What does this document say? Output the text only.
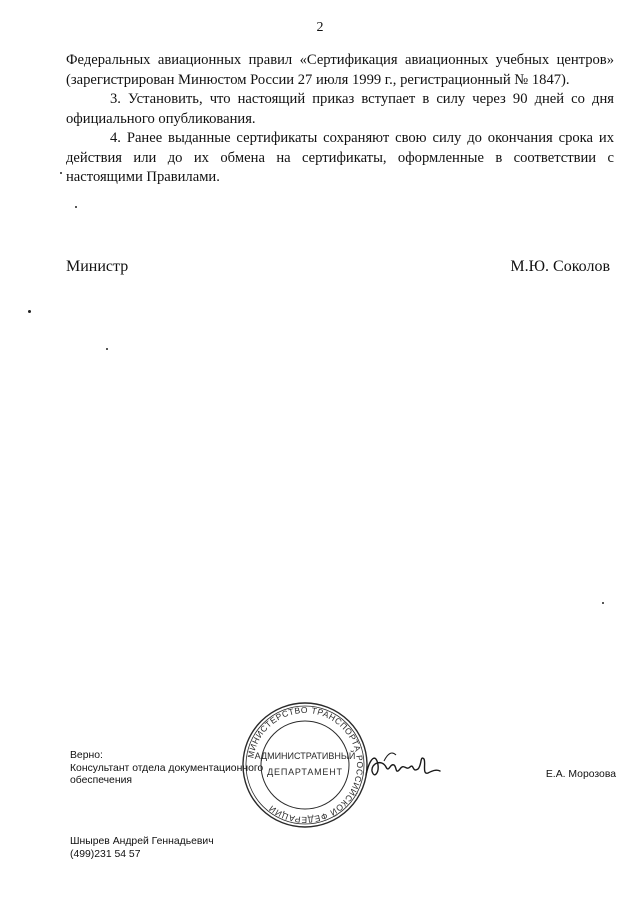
2

Федеральных авиационных правил «Сертификация авиационных учебных центров» (зарегистрирован Минюстом России 27 июля 1999 г., регистрационный № 1847).

3. Установить, что настоящий приказ вступает в силу через 90 дней со дня официального опубликования.

4. Ранее выданные сертификаты сохраняют свою силу до окончания срока их действия или до их обмена на сертификаты, оформленные в соответствии с настоящими Правилами.

Министр	М.Ю. Соколов

Верно:

Консультант отдела документационного обеспечения

Е.А. Морозова
МИНИСТЕРСТВО ТРАНСПОРТА РОССИЙСКОЙ ФЕДЕРАЦИИ
АДМИНИСТРАТИВНЫЙ
ДЕПАРТАМЕНТ

Шнырев Андрей Геннадьевич

(499)231 54 57
